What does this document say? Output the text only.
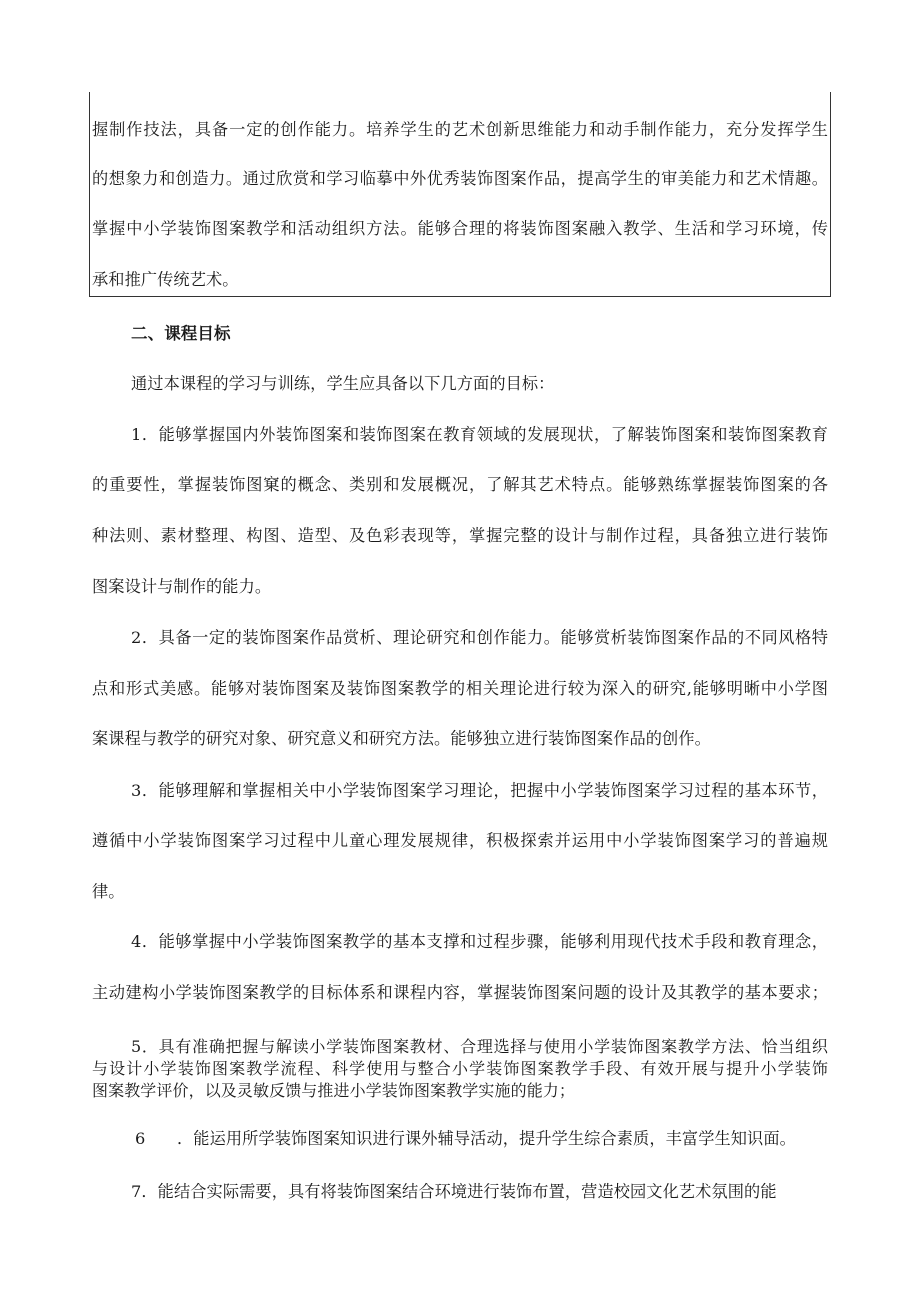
握制作技法，具备一定的创作能力。培养学生的艺术创新思维能力和动手制作能力，充分发挥学生
的想象力和创造力。通过欣赏和学习临摹中外优秀装饰图案作品，提高学生的审美能力和艺术情趣。
掌握中小学装饰图案教学和活动组织方法。能够合理的将装饰图案融入教学、生活和学习环境，传
承和推广传统艺术。
二、课程目标
通过本课程的学习与训练，学生应具备以下几方面的目标：
1．能够掌握国内外装饰图案和装饰图案在教育领域的发展现状，了解装饰图案和装饰图案教育
的重要性，掌握装饰图窠的概念、类别和发展概况，了解其艺术特点。能够熟练掌握装饰图案的各
种法则、素材整理、构图、造型、及色彩表现等，掌握完整的设计与制作过程，具备独立进行装饰
图案设计与制作的能力。
2．具备一定的装饰图案作品赏析、理论研究和创作能力。能够赏析装饰图案作品的不同风格特
点和形式美感。能够对装饰图案及装饰图案教学的相关理论进行较为深入的研究,能够明晰中小学图
案课程与教学的研究对象、研究意义和研究方法。能够独立进行装饰图案作品的创作。
3．能够理解和掌握相关中小学装饰图案学习理论，把握中小学装饰图案学习过程的基本环节，
遵循中小学装饰图案学习过程中儿童心理发展规律，积极探索并运用中小学装饰图案学习的普遍规
律。
4．能够掌握中小学装饰图案教学的基本支撑和过程步骤，能够利用现代技术手段和教育理念，
主动建构小学装饰图案教学的目标体系和课程内容，掌握装饰图案问题的设计及其教学的基本要求；
5．具有准确把握与解读小学装饰图案教材、合理选择与使用小学装饰图案教学方法、恰当组织
与设计小学装饰图案教学流程、科学使用与整合小学装饰图案教学手段、有效开展与提升小学装饰
图案教学评价，以及灵敏反馈与推进小学装饰图案教学实施的能力；
6 ．能运用所学装饰图案知识进行课外辅导活动，提升学生综合素质，丰富学生知识面。
7．能结合实际需要，具有将装饰图案结合环境进行装饰布置，营造校园文化艺术氛围的能
